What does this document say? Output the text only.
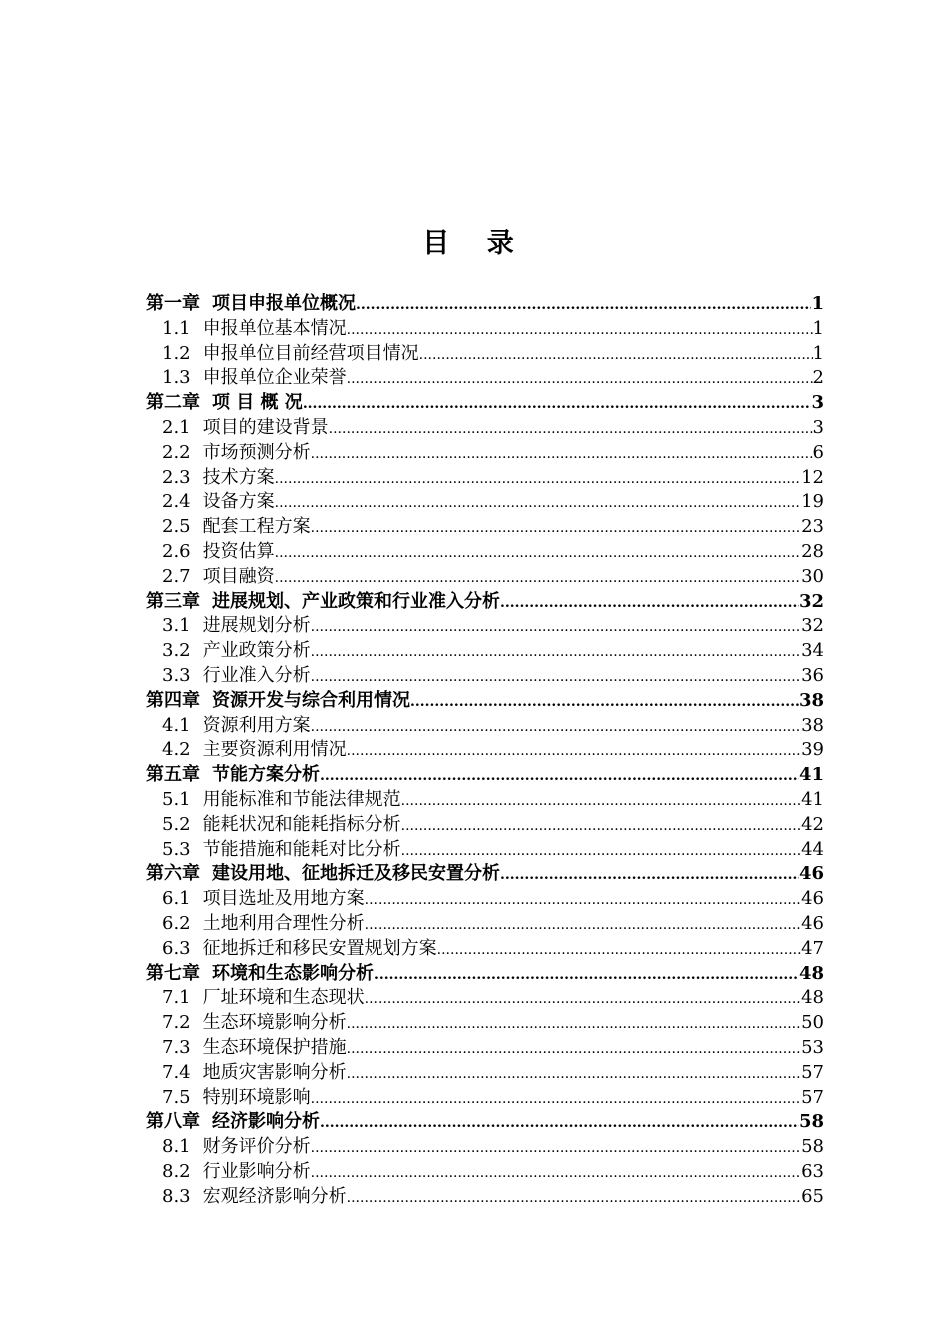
目 录
第一章 项目申报单位概况 .....	1
1.1 申报单位基本情况 .....	1
1.2 申报单位目前经营项目情况 .....	1
1.3 申报单位企业荣誉 .....	2
第二章 项 目 概 况 .....	3
2.1 项目的建设背景 .....	3
2.2 市场预测分析 .....	6
2.3 技术方案 .....	12
2.4 设备方案 .....	19
2.5 配套工程方案 .....	23
2.6 投资估算 .....	28
2.7 项目融资 .....	30
第三章 进展规划、产业政策和行业准入分析 .....	32
3.1 进展规划分析 .....	32
3.2 产业政策分析 .....	34
3.3 行业准入分析 .....	36
第四章 资源开发与综合利用情况 .....	38
4.1 资源利用方案 .....	38
4.2 主要资源利用情况 .....	39
第五章 节能方案分析 .....	41
5.1 用能标准和节能法律规范 .....	41
5.2 能耗状况和能耗指标分析 .....	42
5.3 节能措施和能耗对比分析 .....	44
第六章 建设用地、征地拆迁及移民安置分析 .....	46
6.1 项目选址及用地方案 .....	46
6.2 土地利用合理性分析 .....	46
6.3 征地拆迁和移民安置规划方案 .....	47
第七章 环境和生态影响分析 .....	48
7.1 厂址环境和生态现状 .....	48
7.2 生态环境影响分析 .....	50
7.3 生态环境保护措施 .....	53
7.4 地质灾害影响分析 .....	57
7.5 特别环境影响 .....	57
第八章 经济影响分析 .....	58
8.1 财务评价分析 .....	58
8.2 行业影响分析 .....	63
8.3 宏观经济影响分析 .....	65
